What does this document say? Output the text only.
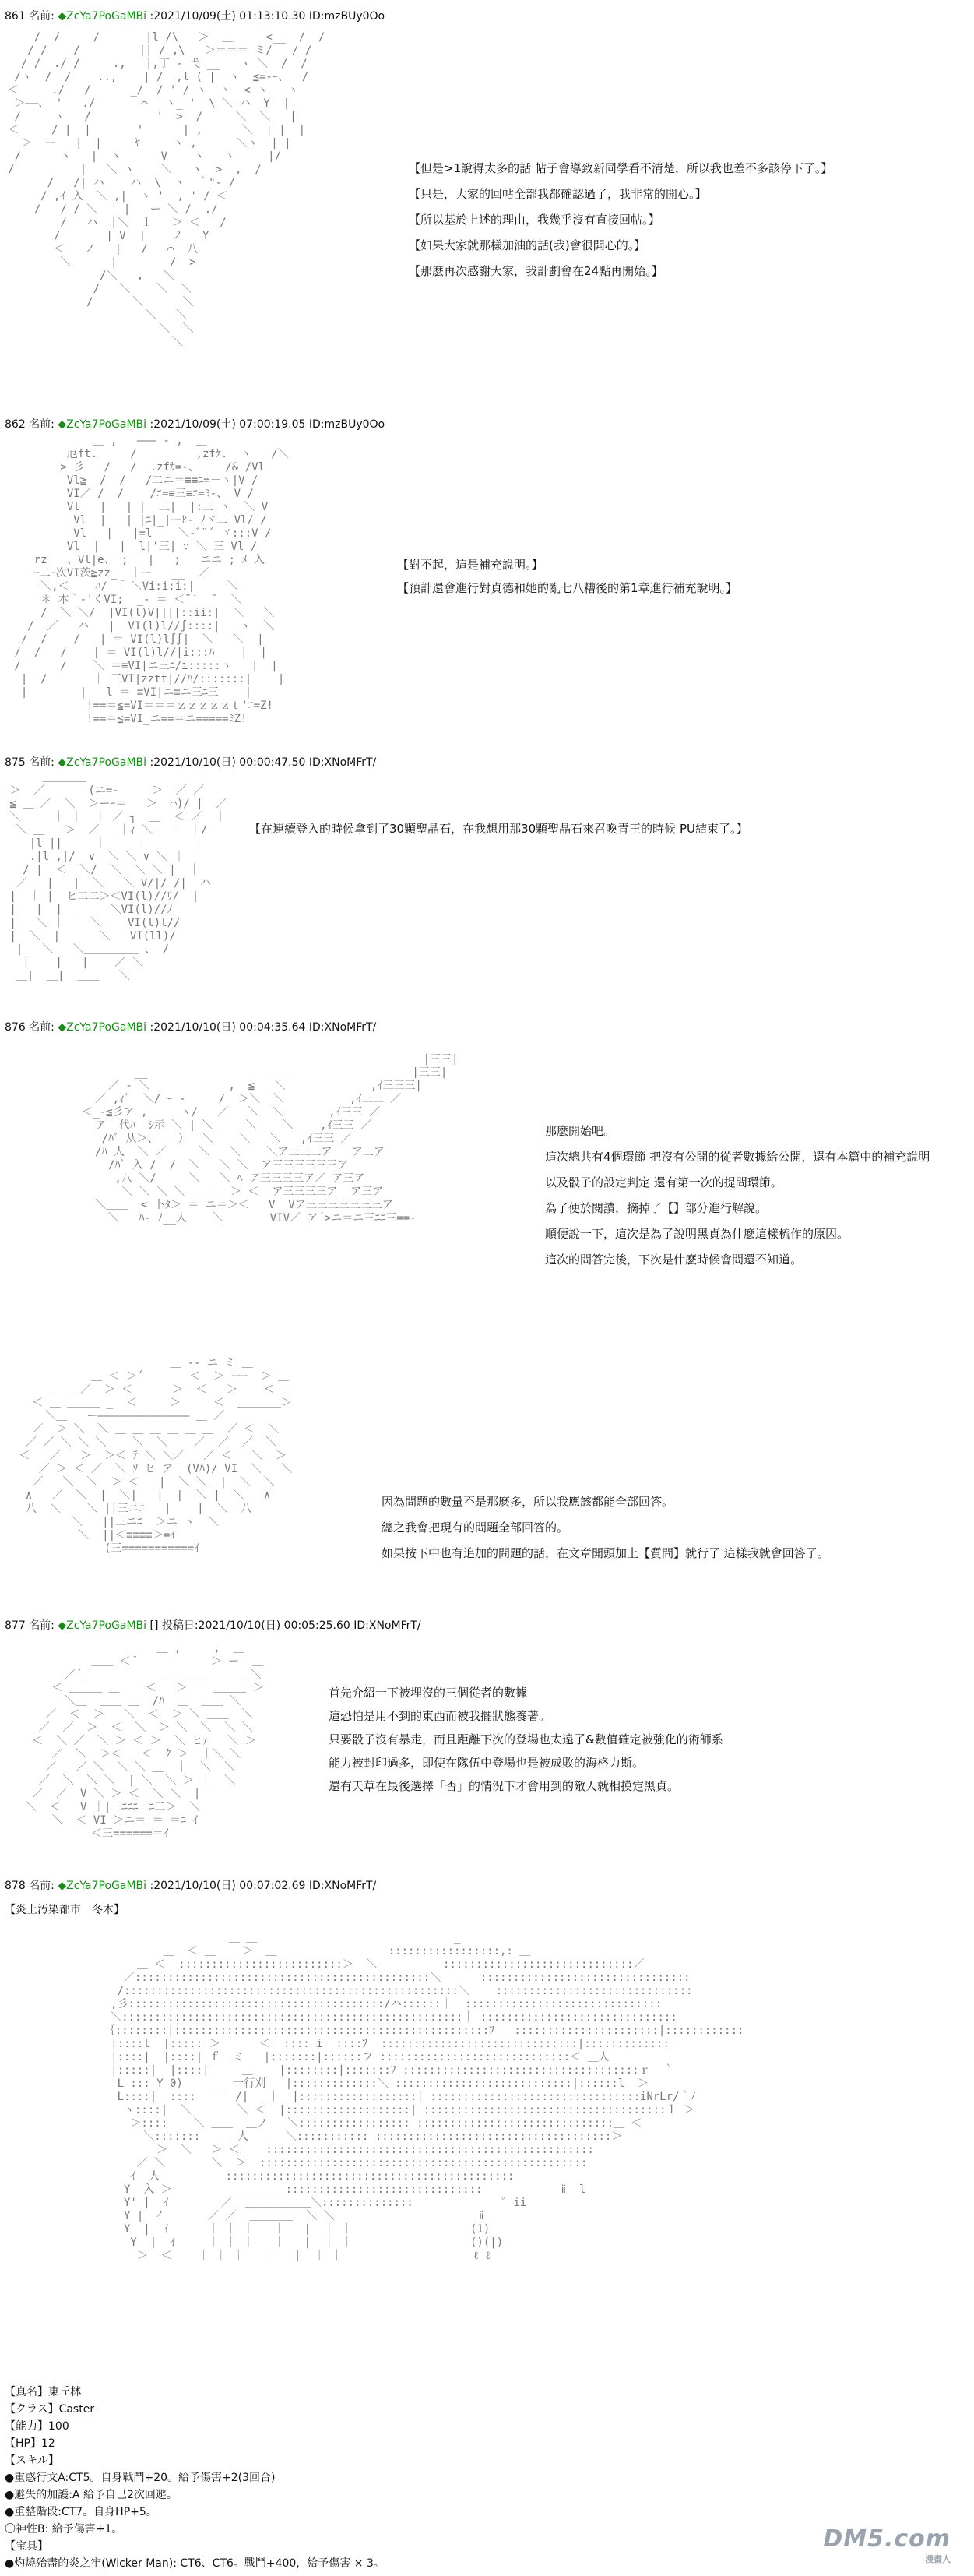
861 名前: ◆ZcYa7PoGaMBi :2021/10/09(土) 01:13:10.30 ID:mzBUy0Oo
/  /     /       |l /\   ＞  ＿     <__  /  /
/ /    /         || / ,\   ＞＝＝＝ ミ/   / /
/ /  ./ /     .,   |,丁 ‐ 弋 __   ヽ ＼  /  /
/ヽ  /  /    ..,    | /  ,l ( |  ヽ  ≦=‐ｰ、  /
＜     ./   /      _/  / ' / ヽ  ヽ  < ヽ   ヽ
＞――、 '   ./       ⌒￣ ヽ_ '  \ ＼ ハ  Y  |
/     ヽ   /          '  >  /     ＼  ＼   |
＜     / |  |       '      | ,      ＼  | |  |
＞  ー   |  |     ﾔ     ヽ ,      ＼ヽ  | |
/      ヽ   |  ヽ      V    ヽ   ヽ     |/
/          |   ＼ ヽ    ＼   ヽ  >  ,  /
/   /| ハ    ハ  \  ヽ  ｀"‐ /
/ ,ｲ 入  ＼ ,|  ヽ '  , ' / ＜
/   / / ＼    |   ー ＼ /  ./
/   ハ  |＼  ｌ   ＞ ＜   /
/       | V  |    ノ   Y
＜   ノ   |   /   ⌒  八
＼      |        /  >
/＼   ,   ＼
/   ＼    ＼  ＼
/      ＼      ＼
＼   ＼
＼  ＼
＼

【但是>1說得太多的話 帖子會導致新同學看不清楚，所以我也差不多該停下了。】
【只是，大家的回帖全部我都確認過了，我非常的開心。】
【所以基於上述的理由，我幾乎沒有直接回帖。】
【如果大家就那樣加油的話(我)會很開心的。】
【那麽再次感謝大家，我計劃會在24點再開始。】
862 名前: ◆ZcYa7PoGaMBi :2021/10/09(土) 07:00:19.05 ID:mzBUy0Oo
＿ ,   ――― ‐ ,  ＿
厄ft.     /         ,zfｹ.  ヽ   /＼
> 彡   /   /  .zfｶ=-、    /& /Vl
Vl≧  /  /   /二ニ＝≡≡ﾆ=－ヽ|V /
VI／ /  /    /ﾆ=≡三≡ﾆ=ﾐ-、 V /
Vl   |   | |  三|  |:三 ヽ  ＼ V
Vl  |   | |ﾆ|_|ーﾋ- ﾉヾ二 Vl/ /
Vl   |   |=l    ＼-ﾞ¨´ ヾ:::V /
Vl  |   |  l|'三| ∵ ＼ 三 Vl /
rz   、Vl|e、 ;   |   ;   ニニ ; ﾒ 入
ｰ二ｰ次VI茨≧zz_  ｜ー   __  ／
＼,＜    ﾊ/ 「 ＼Vi:i:i:|     ＼
＊ 本｀-'くVI;  _- ＝ ＜¨´  ̄   ＼
/  ＼ ＼/  |VI(l)V||||::ii:|  ＼   ＼
/  ／   ハ   |  VI(l)l//∫::::|   ヽ  ＼
/  /    /   | ＝ VI(l)l∫∫|  ＼   ＼  |
/  /   /    | ＝ VI(l)l//|i:::ﾊ    |  |
/      /    ＼ ＝≡VI|ニ三ﾆ/i:::::ヽ   |  |
|  /       ｜ 三VI|zztt|//ﾊ/:::::::|    |
|        |   l ＝ ≡VI|ニ≡ニ三ﾆ三    |
!==＝≦=VI＝＝＝ｚｚｚｚｚｔ'ﾆ=Z!
!==＝≦=VI_ニ==＝ニ=====ﾐZ!

【對不起，這是補充說明。】
【預計還會進行對貞德和她的亂七八糟後的第1章進行補充說明。】
875 名前: ◆ZcYa7PoGaMBi :2021/10/10(日) 00:00:47.50 ID:XNoMFrT/
＿＿＿＿
＞  ／  ＿   (ニ=-     ＞  ／ ／
≦ ＿ ／  ＼  ＞ーｰ＝   ＞  ⌒)/ |  ／
＼     ｜ ｜  ｜ ／ ┐  ＿  ＜ ／  ｜
＼ ＿   ＞  ／   ｜ｨ ＼   ｜ ｜/
|l ||     ｜ ｜  ｜       ｜
.|l ,|/  ∨  ＼ ＼ ∨ ＼ ｜
/ |  ＜  ＼/  ＼  ＼ ＼ |  ｜
／   |   |  ＼   ＼ V/|/ /|  ハ
|  ｜ |  ヒ二二＞＜VI(l)//ﾘ/  |
|   |  |  ＿＿  ＼VI(l)//ﾉ
|   ＼ ｜    ＼    VI(l)l//
|  ＼  |      ＼   VI(ll)/
|   ＼   ＼＿＿＿＿＿ 、 /
|    |   |    ／ ＼
＿|  ＿|  ＿＿   ＼

【在連續登入的時候拿到了30顆聖晶石，在我想用那30顆聖晶石來召喚青王的時候 PU結束了。】
876 名前: ◆ZcYa7PoGaMBi :2021/10/10(日) 00:04:35.64 ID:XNoMFrT/
|三三|
__                  ＿＿                   |三三|
／ ‐ ＼            ,  ≦   ＼             ,ｲ三三三|
／ ,ｨﾞ  ＼/ ｰ ‐     /  ＞＼  ＼          ,ｲ三三 ／
＜_-≦彡ア ,     ヽ/   ／   ＼  ＼       ,ｲ三三 ／
ア  代ﾊ  ｼ示 ＼ | ＼     ＼    ＼    ,ｲ三三 ／
/ﾊﾞ 从＞、   ）  ＼    ＼   ＼   ,ｲ三三 ／
/ﾊ 人  ＼ ／     ＼   ＼    ＼ア三三三ア   ア三ア
/ﾊﾞ 入 /  /  ＼   ＼ ＼  ア三三三三三三ア
,八 ＼/     ＼   ＼ ﾍ ア三三三三ア／ ア三ア
＼ ＼ ＼ ＼＿＿＿  ＞ ＜  ア三三三三ア  ア三ア
＼＿＿  < 卜ﾀ＞ ＝ ニ＝＞＜   V  Vア三三三三三三三ア
＼   ﾊ‐ ﾉ__人    ＼       VIV／ ア´>ニ＝ニ三ﾆﾆ三==‐

那麽開始吧。
這次總共有4個環節 把沒有公開的從者數據給公開，還有本篇中的補充說明
以及骰子的設定判定 還有第一次的提問環節。
為了便於閱讀，摘掉了【】部分進行解說。
順便說一下，這次是為了說明黑貞為什麽這樣梳作的原因。
這次的問答完後，下次是什麽時候會問還不知道。
＿ -‐ ニ ミ ＿
＿ ＜ ＞´       ＜  ＞ ーｰ  ＞ ＿
＿＿ ／  ＞ ＜      ＞  ＜   ＞    ＜ ＿
＜ ＿ ＿＿＿ _  ＜     ＞     ＜  ＿＿＿＿＞
＼＿   ー―――――――――――――― ＿ ／
／  ＞ ＼  ＼ ＿ ＿ ＿ ＿ ＿ ＿  ／ ＜  ＼
／ ／ ＼ ＼ ＼    ＼  ＼    ／  ／  ／  ＼
＜   ／   ＞  ＞＜ ﾃ ＼ ＼／   ／ ＜   ＼  ＞
／ ＞ ＜ ／  ＼ ｿ ヒ ア  (Vﾊ)/ VI  ＼   ＼
／   ＼  ＼  ＞ ＜   |  ＼ ＼  |  ＼  ＼
∧   ／  ＼  |  ＼|   |  |  ＼ |  ＼   ∧
八  ＼    ＼ ||三ニﾆ   |    |  ＼  八
＼   ||三ニﾆ  ＞ニ ヽ  ＼
＼  ||＜≡≡≡≡＞=ｲ
(三===========ｲ

因為問題的數量不是那麽多，所以我應該都能全部回答。
總之我會把現有的問題全部回答的。
如果按下中也有追加的問題的話，在文章開頭加上【質問】就行了 這樣我就會回答了。
877 名前: ◆ZcYa7PoGaMBi [] 投稿日:2021/10/10(日) 00:05:25.60 ID:XNoMFrT/
＿ ,     ,  ＿
＿＿ ＜ ﾞ           ＞ ー  ＿
／´＿＿＿＿＿＿＿ ＿ ＿ ＿＿＿＿ ＼
＜ ＿＿＿ ＿    ＜   ＞    ＿＿＿ ＞
＼＿  ＿＿ ＿  /ﾊ  ＿  ＿＿ ＼
／  ＜  ＞   ＼  ＜  ＞ ＼ ＿＿  ＼
／  ／  ＞  ＜  ＼  ＞ ＼  ＼  ＼ ＼
＜  ＼ ／  ＼ ＞ ＜ ＞  ＼ ヒｧ   ＼ ＞
／  ＼  ＞＜   ＜  ｸ ＞  ｜＼ ＼
／   ／ ＼  ＼ ＼ ＿  ｜  ＼  ＼
／  ＼  ＼ ＼  | ＼  ＼ ＞ ｜  ＼
／  ／  V ＼ ＞ ＜  ＼ ＼  |
＼  ＜   V ｜|三ﾆﾆﾆ三ﾆ二＞  ＼
＼  ＜ VI ＞ニ＝ ＝ ＝ﾆ ｲ
＜三======＝ｲ

首先介紹一下被埋沒的三個從者的數據
這恐怕是用不到的東西而被我擺狀態養著。
只要骰子沒有暴走，而且距離下次的登場也太遠了&數值確定被強化的術師系
能力被封印過多，即使在隊伍中登場也是被成敗的海格力斯。
還有天草在最後選擇「否」的情況下才會用到的敵人就相摸定黑貞。
878 名前: ◆ZcYa7PoGaMBi :2021/10/10(日) 00:07:02.69 ID:XNoMFrT/
【炎上汚染都市　冬木】
＿ ＿                              _
＿  ＜ ＿    ＞  ＿                 :::::::::::::::::,: ＿
＿ ＜  :::::::::::::::::::::::::＞  ＼          :::::::::::::::::::::::::::::／
／:::::::::::::::::::::::::::::::::::::::::::::＼      ::::::::::::::::::::::::::::::::
/:::::::::::::::::::::::::::::::::::::::::::::::::::＼    ::::::::::::::::::::::::::::::
,彡:::::::::::::::::::::::::::::::::::::::/ハ::::::｜  ::::::::::::::::::::::::::::::
＼::::::::::::::::::::::::::::::::::::::::::::::::::::｜ ::::::::::::::::::::::::::::::
｛::::::::|::::::::::::::::::::::::::::::::::::::::::::::::ﾌ   ::::::::::::::::::::::|::::::::::::
|::::l  |::::: ＞      ＜  :::: i  ::::ﾌ  ::::::::::::::::::::::::::::::|:::::::::::::
|::::|  |::::| ｆ  ミ   |:::::::|::::::フ :::::::::::::::::::::::::::::＜ ＿人_
|:::::|  |::::|     ＿    |::::::::|:::::::ﾌ ::::::::::::::::::::::::::::::::::::ｒ  ｀
L ::: Y 0)     ＿ 一行刈   |:::::::::::::＼ :::::::::::::::::::::::::::|::::::l  ＞
L::::|  ::::      /|   ｜  |::::::::::::::::::| ::::::::::::::::::::::::::::::::iNrLr/｀ﾉ
ヽ::::|  ＼       ＼ ＜  |:::::::::::::::::::| :::::::::::::::::::::::::::::::::::::ｌ ＞
＞::::    ＼ ＿＿  ＿ノ   ＼::::::::::::::::: ::::::::::::::::::::::::::::::＿ ＜
＼:::::::   ＿ 人  ＿  ＼::::::::::: ::::::::::::::::::::::::::::::::::::＞
＞  ＼   ＞ ＜    ::::::::::::::::::::::::::::::::::::::::::::::::::
／ ＼       ＼  ＞  ::::::::::::::::::::::::::::::::::::::::::::::::::
ｲ  人          ::::::::::::::::::::::::::::::::::::::::::::
Y  入 ＞         ＿＿＿＿＿::::::::::::::::::::::::::::::            ⅱ  l
Y' |  ｲ        ／  ＿＿＿＿＿＿＼::::::::::::::              ﾟ ii
Y |  ｲ       ／ ／  ＿＿＿＿  ＼ ＼                      ⅱ
Y  |  ｲ      ｜ ｜ ｜   ｜   |  ｜ ｜                  (1)
Y  |  ｲ     ｜ ｜ ｜   ｜   |  ｜ ｜                  ()(|)
＞  ＜    ｜ ｜ ｜   ｜   |  ｜ ｜                    ℓ ℓ

【真名】東丘林
【クラス】Caster
【能力】100
【HP】12
【スキル】
●重惑行文A:CT5。自身戰鬥+20。給予傷害+2(3回合)
●避失的加護:A 給予自己2次回避。
●重整階段:CT7。自身HP+5。
〇神性B: 給予傷害+1。
【宝具】
●灼燒殆盡的炎之牢(Wicker Man): CT6、CT6。戰鬥+400，給予傷害 × 3。
DM5.com
漫畫人
